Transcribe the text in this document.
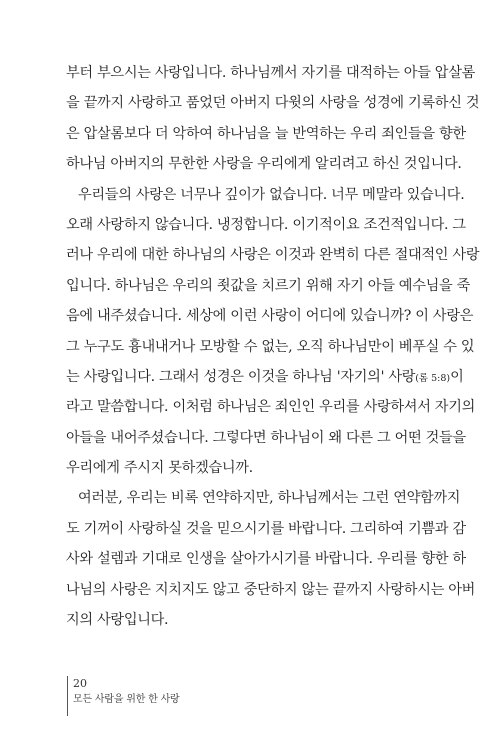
부터 부으시는 사랑입니다. 하나님께서 자기를 대적하는 아들 압살롬
을 끝까지 사랑하고 품었던 아버지 다윗의 사랑을 성경에 기록하신 것
은 압살롬보다 더 악하여 하나님을 늘 반역하는 우리 죄인들을 향한
하나님 아버지의 무한한 사랑을 우리에게 알리려고 하신 것입니다.
우리들의 사랑은 너무나 깊이가 없습니다. 너무 메말라 있습니다.
오래 사랑하지 않습니다. 냉정합니다. 이기적이요 조건적입니다. 그
러나 우리에 대한 하나님의 사랑은 이것과 완벽히 다른 절대적인 사랑
입니다. 하나님은 우리의 죗값을 치르기 위해 자기 아들 예수님을 죽
음에 내주셨습니다. 세상에 이런 사랑이 어디에 있습니까? 이 사랑은
그 누구도 흉내내거나 모방할 수 없는, 오직 하나님만이 베푸실 수 있
는 사랑입니다. 그래서 성경은 이것을 하나님 '자기의' 사랑(롬 5:8)이
라고 말씀합니다. 이처럼 하나님은 죄인인 우리를 사랑하셔서 자기의
아들을 내어주셨습니다. 그렇다면 하나님이 왜 다른 그 어떤 것들을
우리에게 주시지 못하겠습니까.
여러분, 우리는 비록 연약하지만, 하나님께서는 그런 연약함까지
도 기꺼이 사랑하실 것을 믿으시기를 바랍니다. 그리하여 기쁨과 감
사와 설렘과 기대로 인생을 살아가시기를 바랍니다. 우리를 향한 하
나님의 사랑은 지치지도 않고 중단하지 않는 끝까지 사랑하시는 아버
지의 사랑입니다.
20
모든 사람을 위한 한 사랑
